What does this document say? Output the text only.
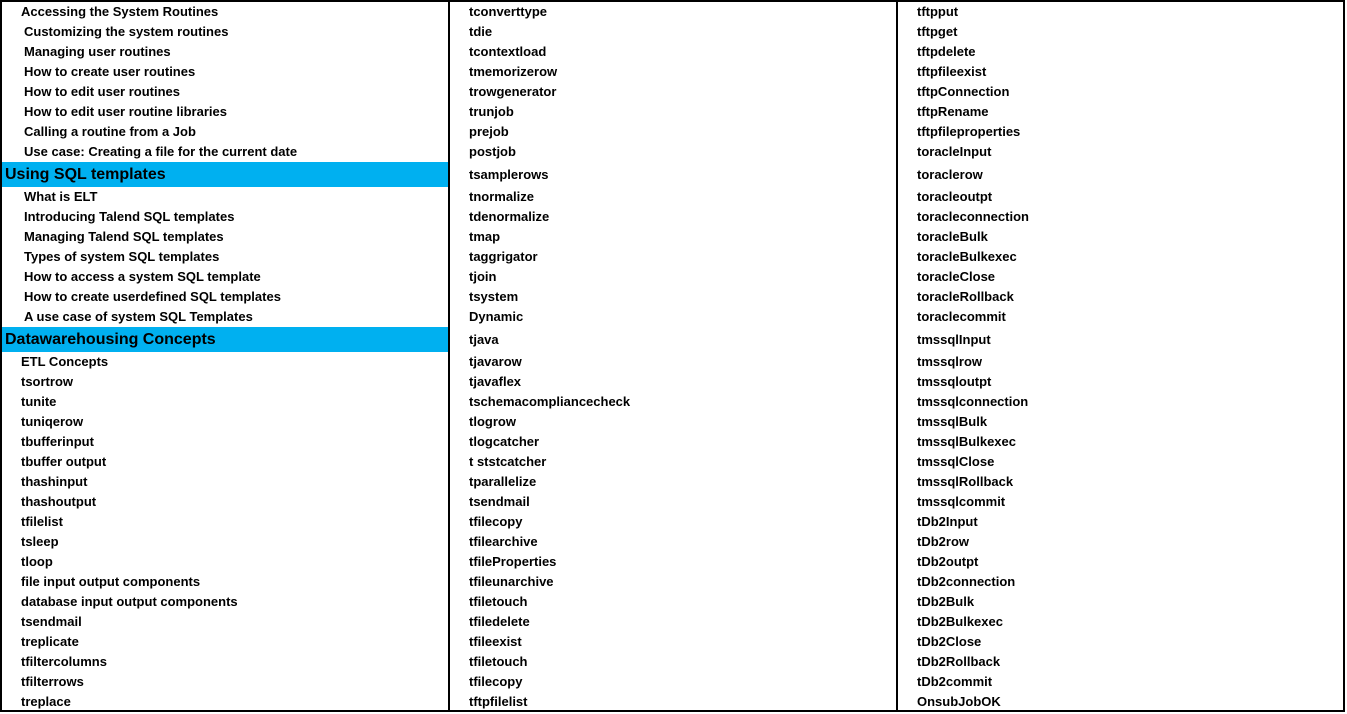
Accessing the System Routines
Customizing the system routines
Managing user routines
How to create user routines
How to edit user routines
How to edit user routine libraries
Calling a routine from a Job
Use case: Creating a file for the current date
Using SQL templates
What is ELT
Introducing Talend SQL templates
Managing Talend SQL templates
Types of system SQL templates
How to access a system SQL template
How to create userdefined SQL templates
A use case of system SQL Templates
Datawarehousing Concepts
ETL Concepts
tsortrow
tunite
tuniqerow
tbufferinput
tbuffer output
thashinput
thashoutput
tfilelist
tsleep
tloop
file input output components
database input output components
tsendmail
treplicate
tfiltercolumns
tfilterrows
treplace
tconverttype
tdie
tcontextload
tmemorizerow
trowgenerator
trunjob
prejob
postjob
tsamplerows
tnormalize
tdenormalize
tmap
taggrigator
tjoin
tsystem
Dynamic
tjava
tjavarow
tjavaflex
tschemacompliancecheck
tlogrow
tlogcatcher
t ststcatcher
tparallelize
tsendmail
tfilecopy
tfilearchive
tfileProperties
tfileunarchive
tfiletouch
tfiledelete
tfileexist
tfiletouch
tfilecopy
tftpfilelist
tftpput
tftpget
tftpdelete
tftpfileexist
tftpConnection
tftpRename
tftpfileproperties
toracleInput
toraclerow
toracleoutpt
toracleconnection
toracleBulk
toracleBulkexec
toracleClose
toracleRollback
toraclecommit
tmssqlInput
tmssqlrow
tmssqloutpt
tmssqlconnection
tmssqlBulk
tmssqlBulkexec
tmssqlClose
tmssqlRollback
tmssqlcommit
tDb2Input
tDb2row
tDb2outpt
tDb2connection
tDb2Bulk
tDb2Bulkexec
tDb2Close
tDb2Rollback
tDb2commit
OnsubJobOK
